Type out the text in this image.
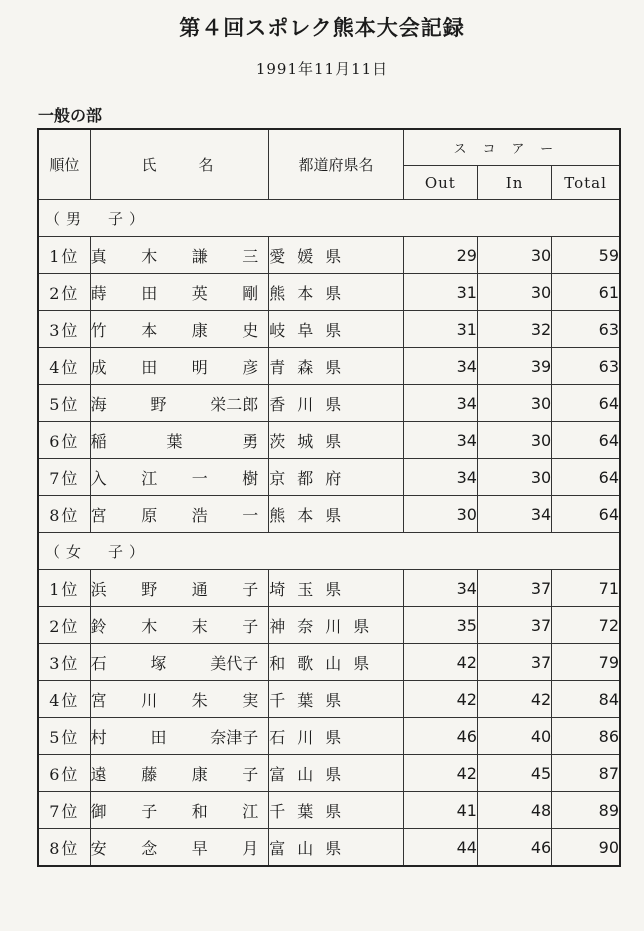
第４回スポレク熊本大会記録
1991年11月11日
一般の部
順位	氏　　名	都道府県名	スコアー		
			Out	In	Total
（男　子）					
1位	真 木 謙 三	愛媛県	29	30	59
2位	蒔 田 英 剛	熊本県	31	30	61
3位	竹 本 康 史	岐阜県	31	32	63
4位	成 田 明 彦	青森県	34	39	63
5位	海 野 栄二郎	香川県	34	30	64
6位	稲 葉 勇	茨城県	34	30	64
7位	入 江 一 樹	京都府	34	30	64
8位	宮 原 浩 一	熊本県	30	34	64
（女　子）					
1位	浜 野 通 子	埼玉県	34	37	71
2位	鈴 木 末 子	神奈川県	35	37	72
3位	石 塚 美代子	和歌山県	42	37	79
4位	宮 川 朱 実	千葉県	42	42	84
5位	村 田 奈津子	石川県	46	40	86
6位	遠 藤 康 子	富山県	42	45	87
7位	御 子 和 江	千葉県	41	48	89
8位	安 念 早 月	富山県	44	46	90
